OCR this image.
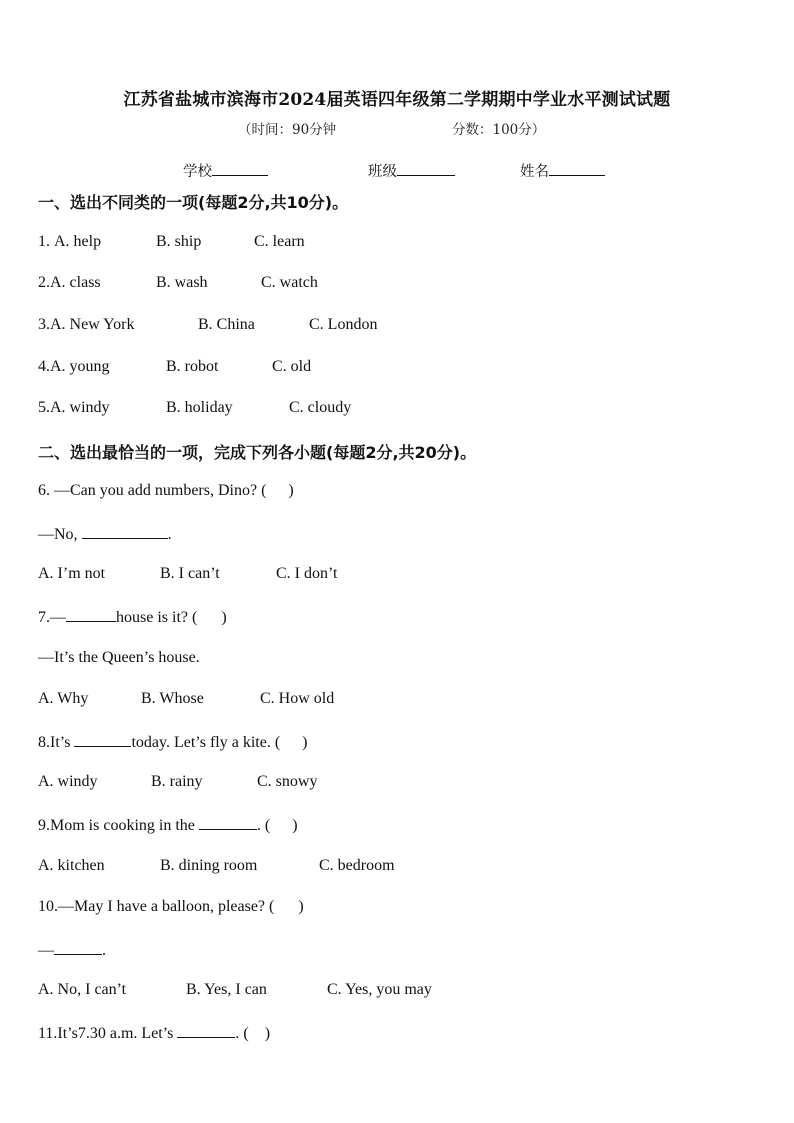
江苏省盐城市滨海市2024届英语四年级第二学期期中学业水平测试试题
（时间：90分钟	分数：100分）
学校	班级	姓名
一、选出不同类的一项(每题2分,共10分)。
1. A. help	B. ship	C. learn
2.A. class	B. wash	C. watch
3.A. New York	B. China	C. London
4.A. young	B. robot	C. old
5.A. windy	B. holiday	C. cloudy
二、选出最恰当的一项，完成下列各小题(每题2分,共20分)。
6. —Can you add numbers, Dino? ( )
—No,	.
A. I’m not	B. I can’t	C. I don’t
7.—	house is it? ( )
—It’s the Queen’s house.
A. Why	B. Whose	C. How old
8.It’s	today. Let’s fly a kite. ( )
A. windy	B. rainy	C. snowy
9.Mom is cooking in the	. ( )
A. kitchen	B. dining room	C. bedroom
10.—May I have a balloon, please? ( )
—	.
A. No, I can’t	B. Yes, I can	C. Yes, you may
11.It’s7.30 a.m. Let’s	. ( )
